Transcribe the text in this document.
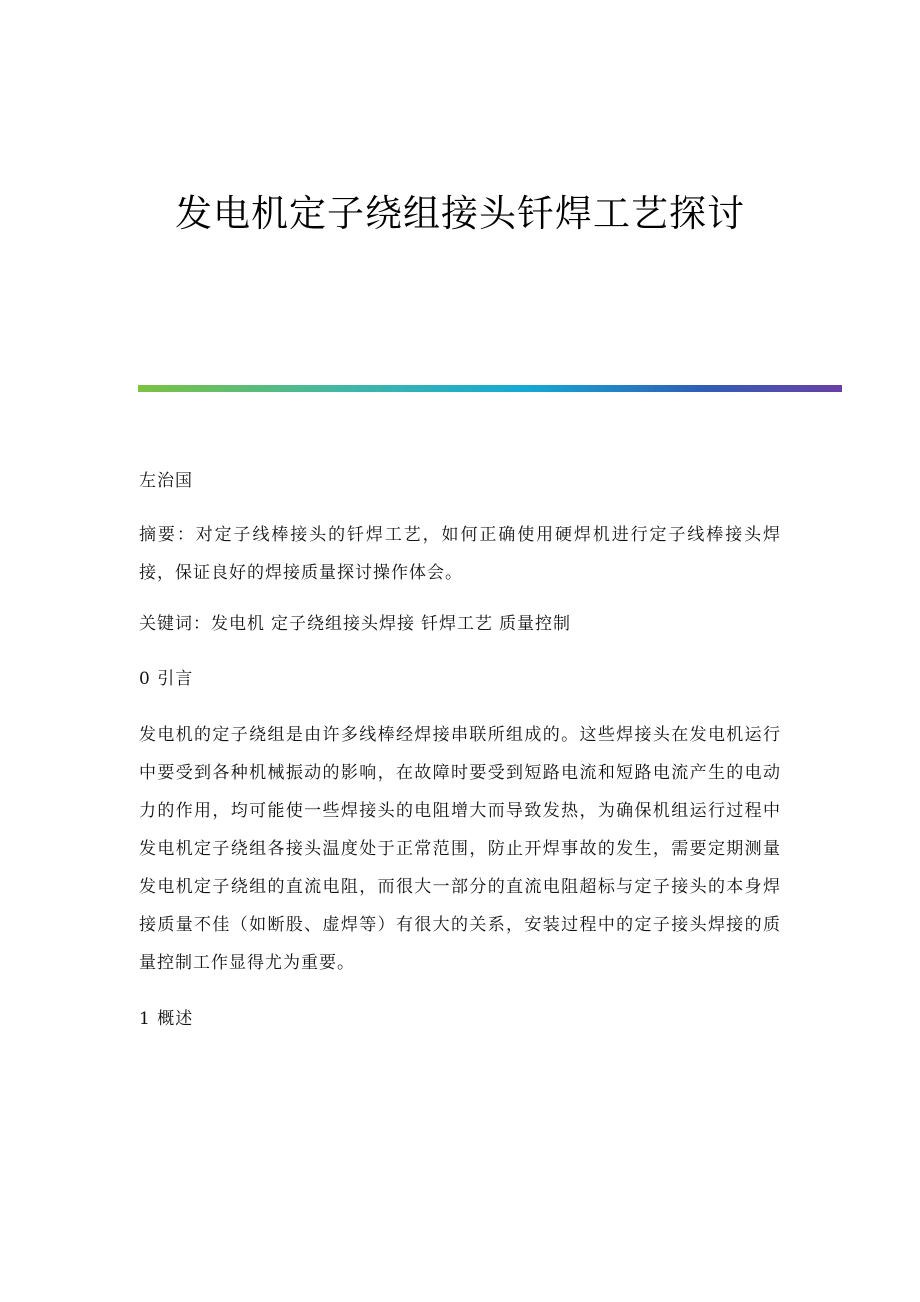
发电机定子绕组接头钎焊工艺探讨

左治国

摘要：对定子线棒接头的钎焊工艺，如何正确使用硬焊机进行定子线棒接头焊接，保证良好的焊接质量探讨操作体会。

关键词：发电机 定子绕组接头焊接 钎焊工艺 质量控制

0 引言

发电机的定子绕组是由许多线棒经焊接串联所组成的。这些焊接头在发电机运行中要受到各种机械振动的影响，在故障时要受到短路电流和短路电流产生的电动力的作用，均可能使一些焊接头的电阻增大而导致发热，为确保机组运行过程中发电机定子绕组各接头温度处于正常范围，防止开焊事故的发生，需要定期测量发电机定子绕组的直流电阻，而很大一部分的直流电阻超标与定子接头的本身焊接质量不佳（如断股、虚焊等）有很大的关系，安装过程中的定子接头焊接的质量控制工作显得尤为重要。

1 概述
